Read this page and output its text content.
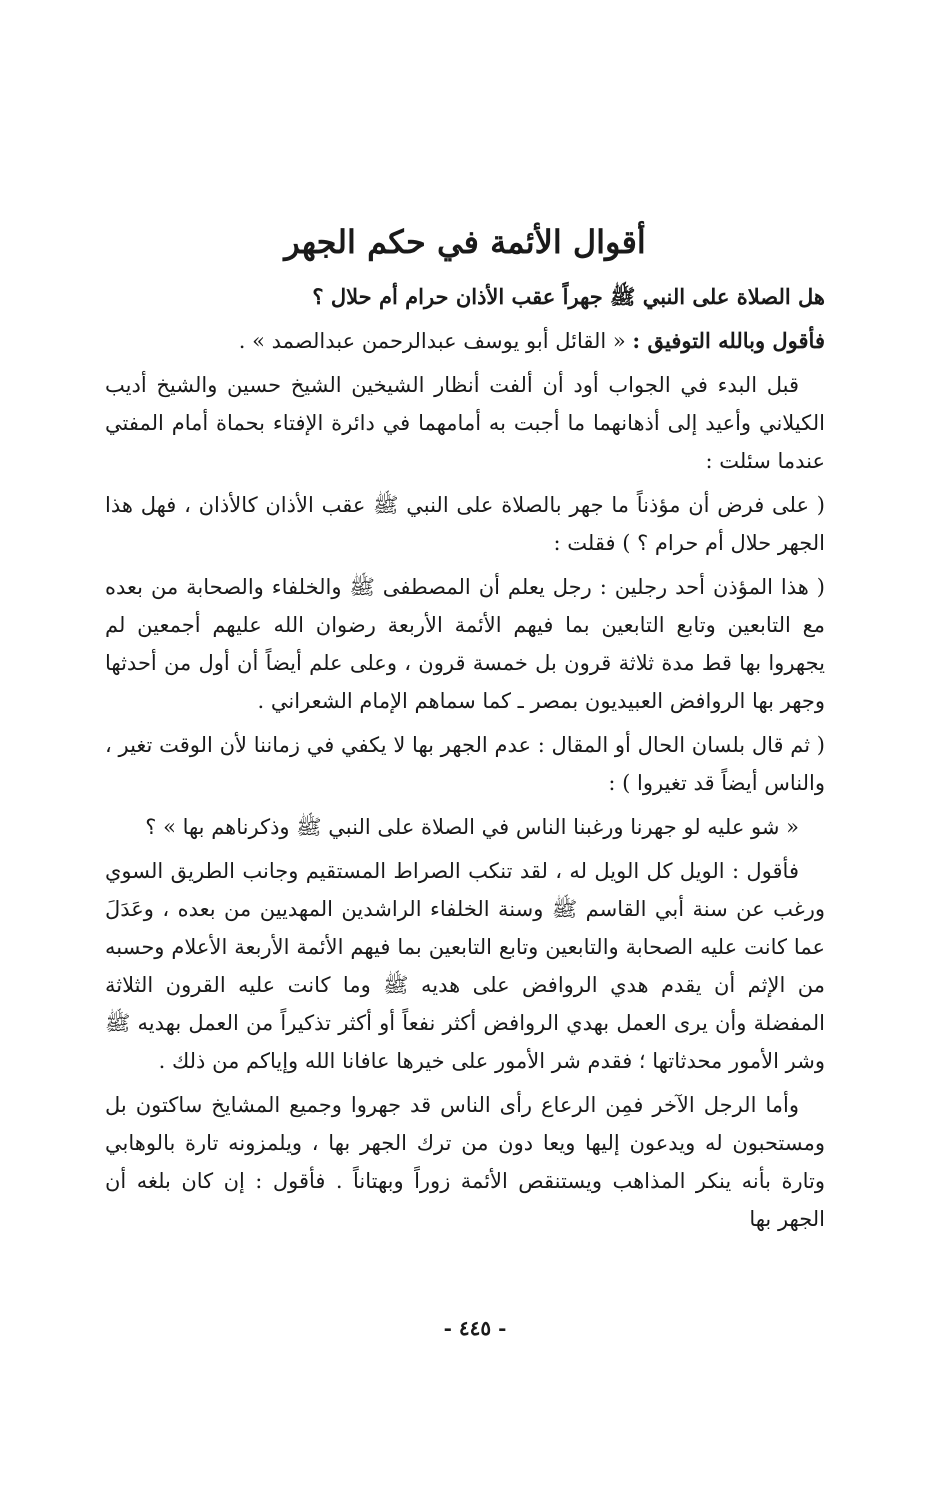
أقوال الأئمة في حكم الجهر

هل الصلاة على النبي ﷺ جهراً عقب الأذان حرام أم حلال ؟

فأقول وبالله التوفيق : « القائل أبو يوسف عبدالرحمن عبدالصمد » .

قبل البدء في الجواب أود أن ألفت أنظار الشيخين الشيخ حسين والشيخ أديب الكيلاني وأعيد إلى أذهانهما ما أجبت به أمامهما في دائرة الإفتاء بحماة أمام المفتي عندما سئلت :

( على فرض أن مؤذناً ما جهر بالصلاة على النبي ﷺ عقب الأذان كالأذان ، فهل هذا الجهر حلال أم حرام ؟ ) فقلت :

( هذا المؤذن أحد رجلين : رجل يعلم أن المصطفى ﷺ والخلفاء والصحابة من بعده مع التابعين وتابع التابعين بما فيهم الأئمة الأربعة رضوان الله عليهم أجمعين لم يجهروا بها قط مدة ثلاثة قرون بل خمسة قرون ، وعلى علم أيضاً أن أول من أحدثها وجهر بها الروافض العبيديون بمصر ـ كما سماهم الإمام الشعراني .

( ثم قال بلسان الحال أو المقال : عدم الجهر بها لا يكفي في زماننا لأن الوقت تغير ، والناس أيضاً قد تغيروا ) :

« شو عليه لو جهرنا ورغبنا الناس في الصلاة على النبي ﷺ وذكرناهم بها » ؟

فأقول : الويل كل الويل له ، لقد تنكب الصراط المستقيم وجانب الطريق السوي ورغب عن سنة أبي القاسم ﷺ وسنة الخلفاء الراشدين المهديين من بعده ، وعَدَلَ عما كانت عليه الصحابة والتابعين وتابع التابعين بما فيهم الأئمة الأربعة الأعلام وحسبه من الإثم أن يقدم هدي الروافض على هديه ﷺ وما كانت عليه القرون الثلاثة المفضلة وأن يرى العمل بهدي الروافض أكثر نفعاً أو أكثر تذكيراً من العمل بهديه ﷺ وشر الأمور محدثاتها ؛ فقدم شر الأمور على خيرها عافانا الله وإياكم من ذلك .

وأما الرجل الآخر فمِن الرعاع رأى الناس قد جهروا وجميع المشايخ ساكتون بل ومستحبون له ويدعون إليها ويعا دون من ترك الجهر بها ، ويلمزونه تارة بالوهابي وتارة بأنه ينكر المذاهب ويستنقص الأئمة زوراً وبهتاناً . فأقول : إن كان بلغه أن الجهر بها

- ٤٤٥ -
